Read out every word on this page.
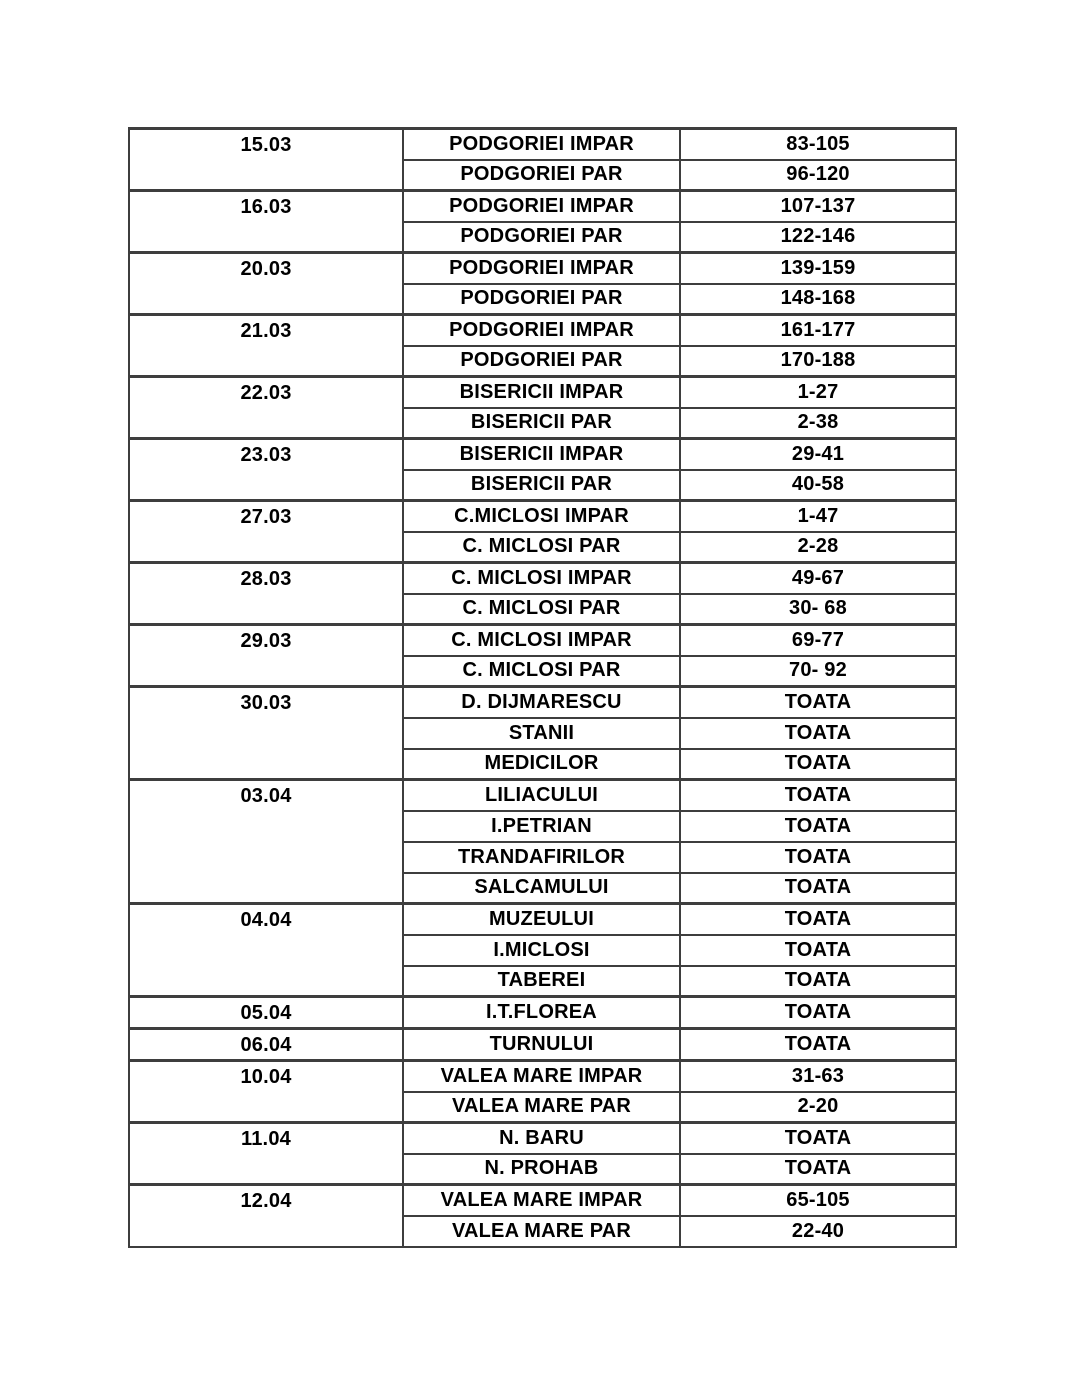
15.03	PODGORIEI IMPAR	83-105
	PODGORIEI PAR	96-120
16.03	PODGORIEI IMPAR	107-137
	PODGORIEI PAR	122-146
20.03	PODGORIEI IMPAR	139-159
	PODGORIEI PAR	148-168
21.03	PODGORIEI IMPAR	161-177
	PODGORIEI PAR	170-188
22.03	BISERICII IMPAR	1-27
	BISERICII PAR	2-38
23.03	BISERICII IMPAR	29-41
	BISERICII PAR	40-58
27.03	C.MICLOSI IMPAR	1-47
	C. MICLOSI PAR	2-28
28.03	C. MICLOSI IMPAR	49-67
	C. MICLOSI PAR	30- 68
29.03	C. MICLOSI IMPAR	69-77
	C. MICLOSI PAR	70- 92
30.03	D. DIJMARESCU	TOATA
	STANII	TOATA
	MEDICILOR	TOATA
03.04	LILIACULUI	TOATA
	I.PETRIAN	TOATA
	TRANDAFIRILOR	TOATA
	SALCAMULUI	TOATA
04.04	MUZEULUI	TOATA
	I.MICLOSI	TOATA
	TABEREI	TOATA
05.04	I.T.FLOREA	TOATA
06.04	TURNULUI	TOATA
10.04	VALEA MARE IMPAR	31-63
	VALEA MARE PAR	2-20
11.04	N. BARU	TOATA
	N. PROHAB	TOATA
12.04	VALEA MARE IMPAR	65-105
	VALEA MARE PAR	22-40
